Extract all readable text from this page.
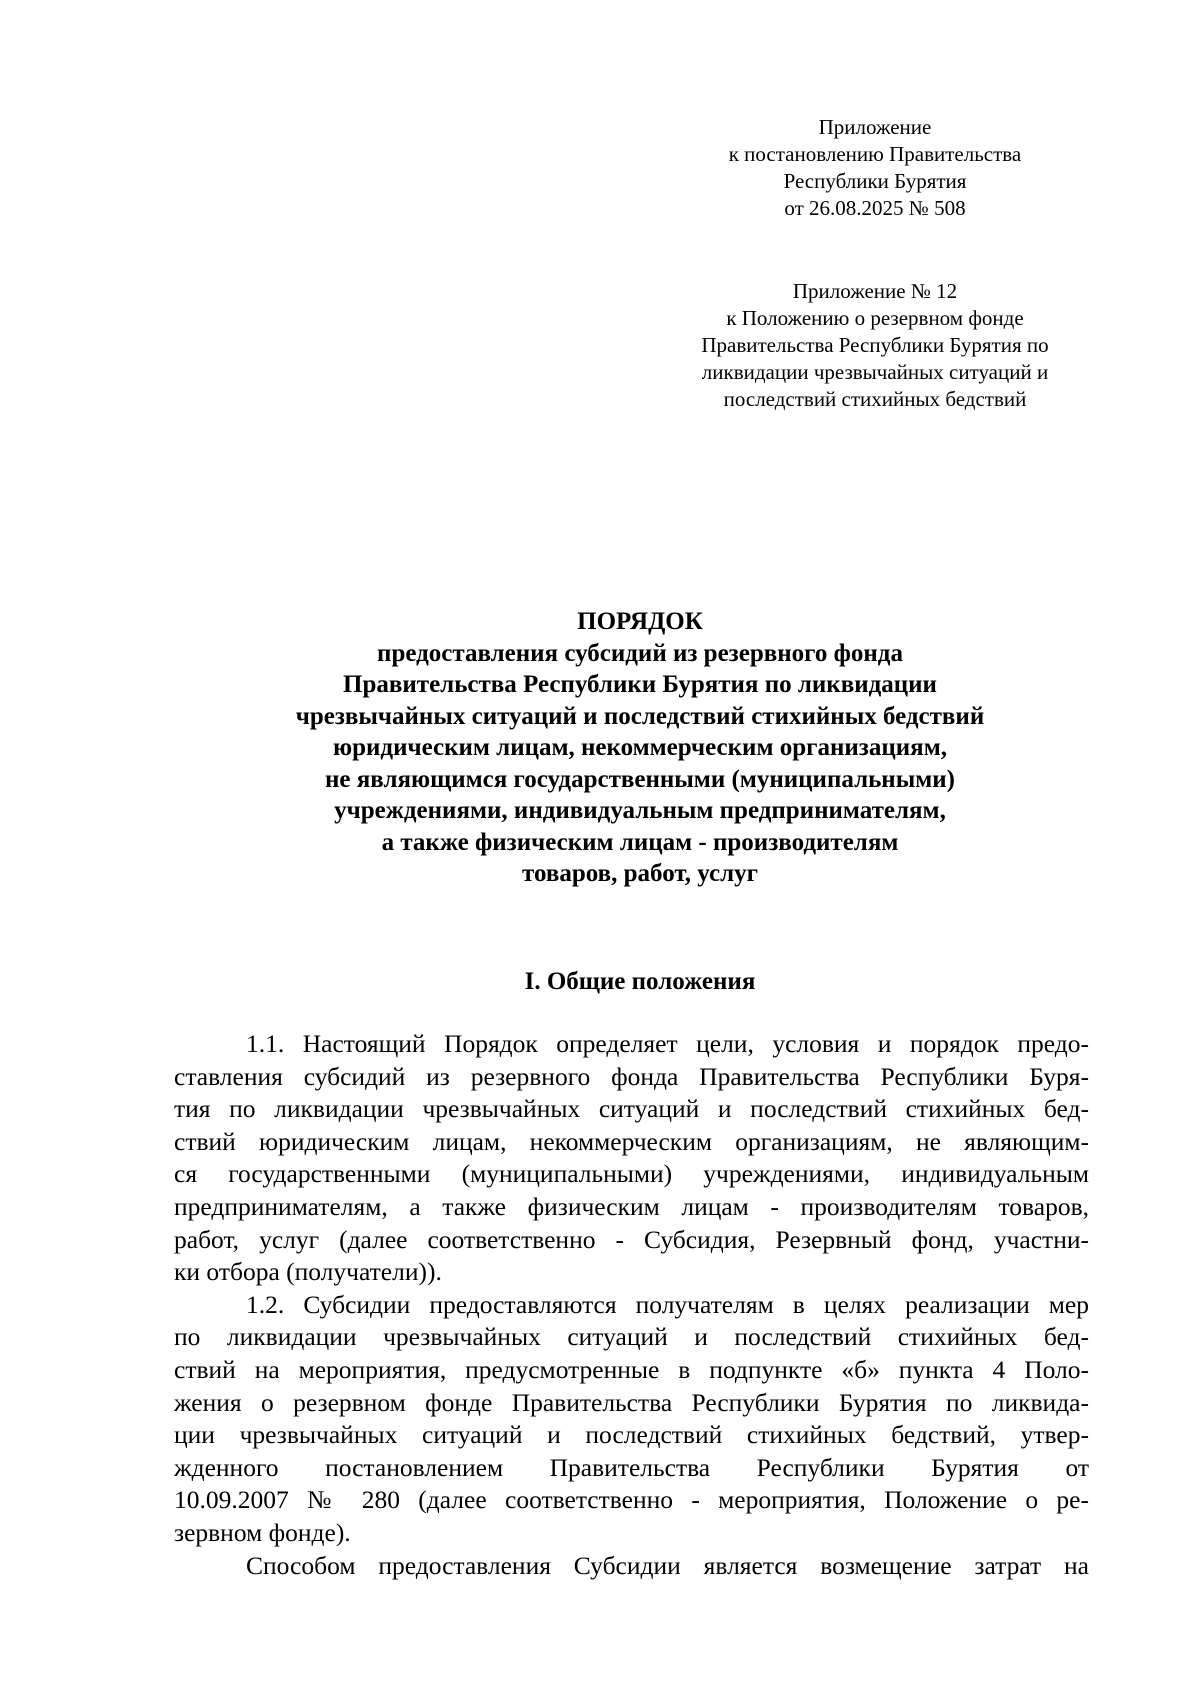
Приложение
к постановлению Правительства
Республики Бурятия
от 26.08.2025 № 508
Приложение № 12
к Положению о резервном фонде
Правительства Республики Бурятия по
ликвидации чрезвычайных ситуаций и
последствий стихийных бедствий
ПОРЯДОК
предоставления субсидий из резервного фонда
Правительства Республики Бурятия по ликвидации
чрезвычайных ситуаций и последствий стихийных бедствий
юридическим лицам, некоммерческим организациям,
не являющимся государственными (муниципальными)
учреждениями, индивидуальным предпринимателям,
а также физическим лицам - производителям
товаров, работ, услуг
I. Общие положения
1.1. Настоящий Порядок определяет цели, условия и порядок предо-
ставления субсидий из резервного фонда Правительства Республики Буря-
тия по ликвидации чрезвычайных ситуаций и последствий стихийных бед-
ствий юридическим лицам, некоммерческим организациям, не являющим-
ся государственными (муниципальными) учреждениями, индивидуальным
предпринимателям, а также физическим лицам - производителям товаров,
работ, услуг (далее соответственно - Субсидия, Резервный фонд, участни-
ки отбора (получатели)).
1.2. Субсидии предоставляются получателям в целях реализации мер
по ликвидации чрезвычайных ситуаций и последствий стихийных бед-
ствий на мероприятия, предусмотренные в подпункте «б» пункта 4 Поло-
жения о резервном фонде Правительства Республики Бурятия по ликвида-
ции чрезвычайных ситуаций и последствий стихийных бедствий, утвер-
жденного постановлением Правительства Республики Бурятия от
10.09.2007 № 280 (далее соответственно - мероприятия, Положение о ре-
зервном фонде).
Способом предоставления Субсидии является возмещение затрат на
